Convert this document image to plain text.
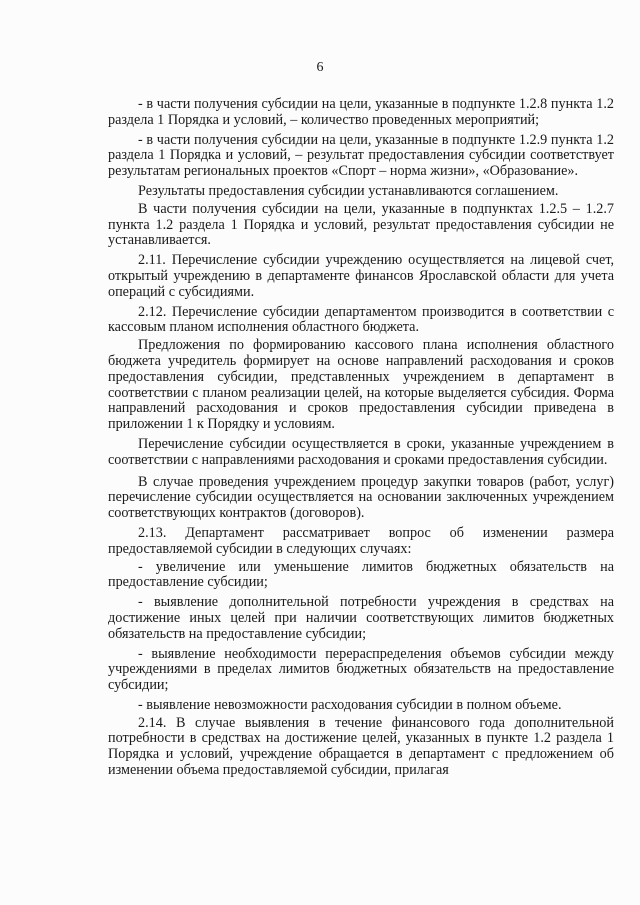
6

- в части получения субсидии на цели, указанные в подпункте 1.2.8 пункта 1.2 раздела 1 Порядка и условий, – количество проведенных мероприятий;

- в части получения субсидии на цели, указанные в подпункте 1.2.9 пункта 1.2 раздела 1 Порядка и условий, – результат предоставления субсидии соответствует результатам региональных проектов «Спорт – норма жизни», «Образование».

Результаты предоставления субсидии устанавливаются соглашением.

В части получения субсидии на цели, указанные в подпунктах 1.2.5 – 1.2.7 пункта 1.2 раздела 1 Порядка и условий, результат предоставления субсидии не устанавливается.

2.11. Перечисление субсидии учреждению осуществляется на лицевой счет, открытый учреждению в департаменте финансов Ярославской области для учета операций с субсидиями.

2.12. Перечисление субсидии департаментом производится в соответствии с кассовым планом исполнения областного бюджета.

Предложения по формированию кассового плана исполнения областного бюджета учредитель формирует на основе направлений расходования и сроков предоставления субсидии, представленных учреждением в департамент в соответствии с планом реализации целей, на которые выделяется субсидия. Форма направлений расходования и сроков предоставления субсидии приведена в приложении 1 к Порядку и условиям.

Перечисление субсидии осуществляется в сроки, указанные учреждением в соответствии с направлениями расходования и сроками предоставления субсидии.

В случае проведения учреждением процедур закупки товаров (работ, услуг) перечисление субсидии осуществляется на основании заключенных учреждением соответствующих контрактов (договоров).

2.13. Департамент рассматривает вопрос об изменении размера предоставляемой субсидии в следующих случаях:

- увеличение или уменьшение лимитов бюджетных обязательств на предоставление субсидии;

- выявление дополнительной потребности учреждения в средствах на достижение иных целей при наличии соответствующих лимитов бюджетных обязательств на предоставление субсидии;

- выявление необходимости перераспределения объемов субсидии между учреждениями в пределах лимитов бюджетных обязательств на предоставление субсидии;

- выявление невозможности расходования субсидии в полном объеме.

2.14. В случае выявления в течение финансового года дополнительной потребности в средствах на достижение целей, указанных в пункте 1.2 раздела 1 Порядка и условий, учреждение обращается в департамент с предложением об изменении объема предоставляемой субсидии, прилагая
